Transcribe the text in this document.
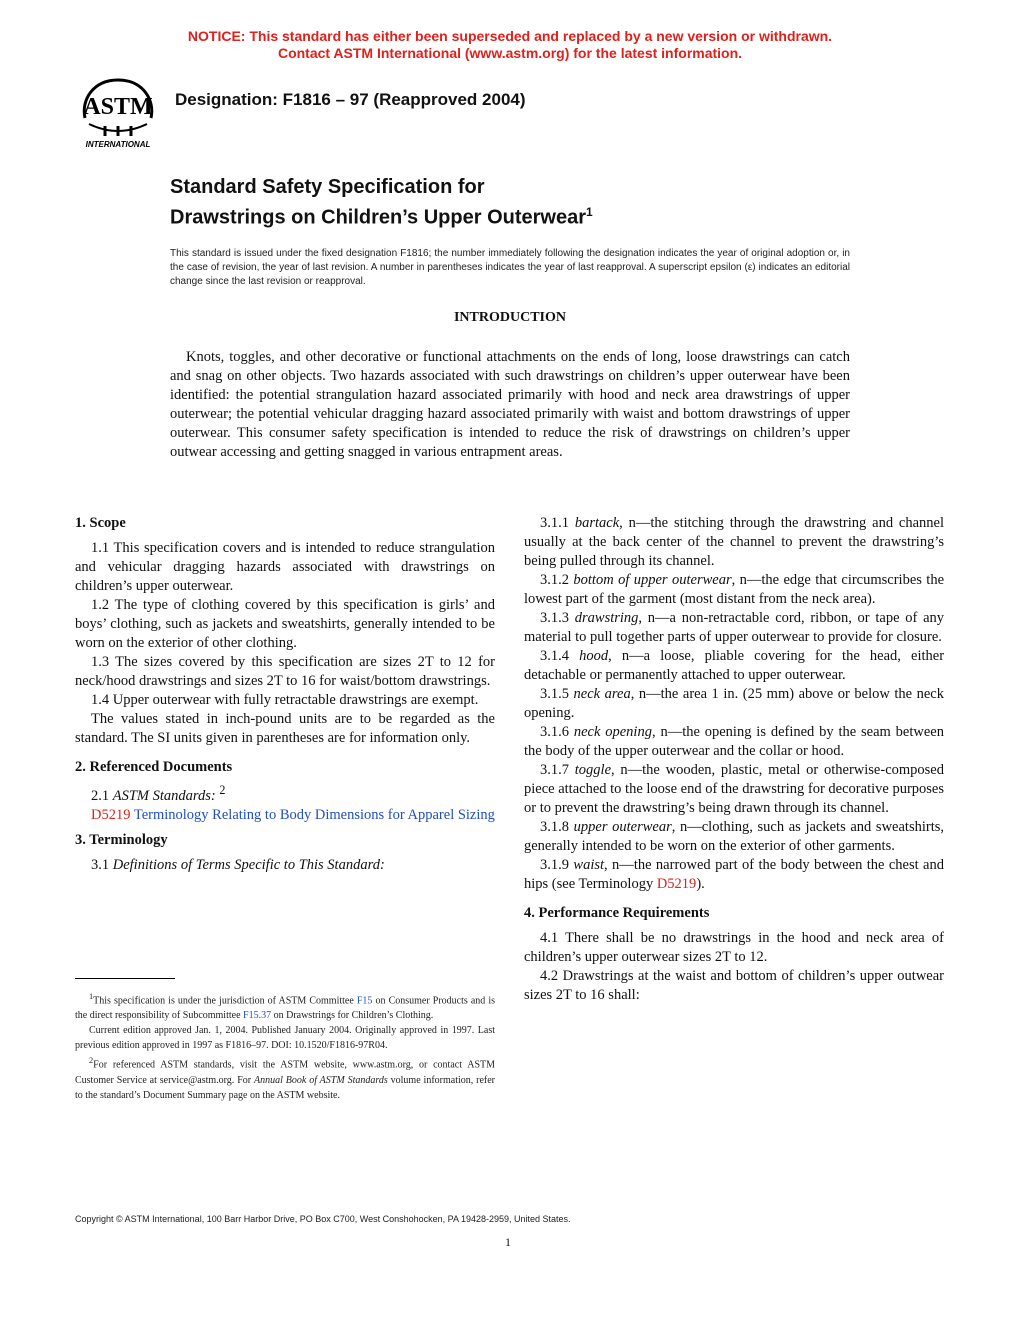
NOTICE: This standard has either been superseded and replaced by a new version or withdrawn.
Contact ASTM International (www.astm.org) for the latest information.
ASTM
INTERNATIONAL
Designation: F1816 – 97 (Reapproved 2004)
Standard Safety Specification for
Drawstrings on Children’s Upper Outerwear$^1$
This standard is issued under the fixed designation F1816; the number immediately following the designation indicates the year of original adoption or, in the case of revision, the year of last revision. A number in parentheses indicates the year of last reapproval. A superscript epsilon (ε) indicates an editorial change since the last revision or reapproval.
INTRODUCTION
Knots, toggles, and other decorative or functional attachments on the ends of long, loose drawstrings can catch and snag on other objects. Two hazards associated with such drawstrings on children’s upper outerwear have been identified: the potential strangulation hazard associated primarily with hood and neck area drawstrings of upper outerwear; the potential vehicular dragging hazard associated primarily with waist and bottom drawstrings of upper outerwear. This consumer safety specification is intended to reduce the risk of drawstrings on children’s upper outwear accessing and getting snagged in various entrapment areas.
1. Scope

1.1 This specification covers and is intended to reduce strangulation and vehicular dragging hazards associated with drawstrings on children’s upper outerwear.

1.2 The type of clothing covered by this specification is girls’ and boys’ clothing, such as jackets and sweatshirts, generally intended to be worn on the exterior of other clothing.

1.3 The sizes covered by this specification are sizes 2T to 12 for neck/hood drawstrings and sizes 2T to 16 for waist/bottom drawstrings.

1.4 Upper outerwear with fully retractable drawstrings are exempt.

The values stated in inch-pound units are to be regarded as the standard. The SI units given in parentheses are for information only.

2. Referenced Documents

2.1 ASTM Standards: $^2$

D5219 Terminology Relating to Body Dimensions for Apparel Sizing

3. Terminology

3.1 Definitions of Terms Specific to This Standard:

$^1$This specification is under the jurisdiction of ASTM Committee F15 on Consumer Products and is the direct responsibility of Subcommittee F15.37 on Drawstrings for Children’s Clothing.

Current edition approved Jan. 1, 2004. Published January 2004. Originally approved in 1997. Last previous edition approved in 1997 as F1816–97. DOI: 10.1520/F1816-97R04.

$^2$For referenced ASTM standards, visit the ASTM website, www.astm.org, or contact ASTM Customer Service at service@astm.org. For Annual Book of ASTM Standards volume information, refer to the standard’s Document Summary page on the ASTM website.

3.1.1 bartack, n—the stitching through the drawstring and channel usually at the back center of the channel to prevent the drawstring’s being pulled through its channel.

3.1.2 bottom of upper outerwear, n—the edge that circumscribes the lowest part of the garment (most distant from the neck area).

3.1.3 drawstring, n—a non-retractable cord, ribbon, or tape of any material to pull together parts of upper outerwear to provide for closure.

3.1.4 hood, n—a loose, pliable covering for the head, either detachable or permanently attached to upper outerwear.

3.1.5 neck area, n—the area 1 in. (25 mm) above or below the neck opening.

3.1.6 neck opening, n—the opening is defined by the seam between the body of the upper outerwear and the collar or hood.

3.1.7 toggle, n—the wooden, plastic, metal or otherwise-composed piece attached to the loose end of the drawstring for decorative purposes or to prevent the drawstring’s being drawn through its channel.

3.1.8 upper outerwear, n—clothing, such as jackets and sweatshirts, generally intended to be worn on the exterior of other garments.

3.1.9 waist, n—the narrowed part of the body between the chest and hips (see Terminology D5219).

4. Performance Requirements

4.1 There shall be no drawstrings in the hood and neck area of children’s upper outerwear sizes 2T to 12.

4.2 Drawstrings at the waist and bottom of children’s upper outwear sizes 2T to 16 shall:

Copyright © ASTM International, 100 Barr Harbor Drive, PO Box C700, West Conshohocken, PA 19428-2959, United States.
1
